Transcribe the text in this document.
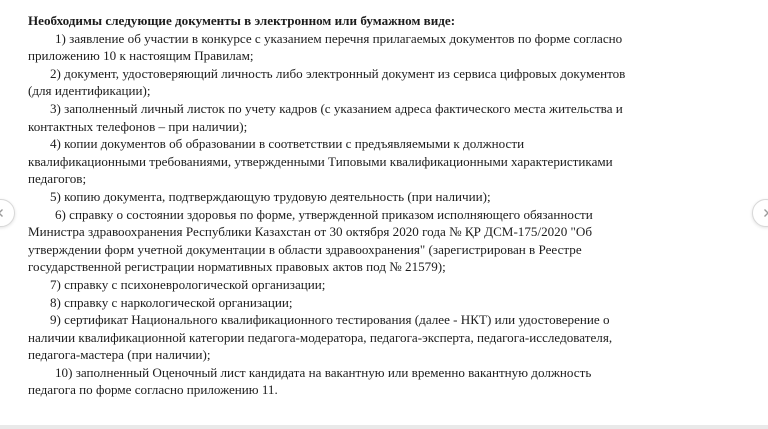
Необходимы следующие документы в электронном или бумажном виде:
1) заявление об участии в конкурсе с указанием перечня прилагаемых документов по форме согласно
приложению 10 к настоящим Правилам;
2) документ, удостоверяющий личность либо электронный документ из сервиса цифровых документов
(для идентификации);
3) заполненный личный листок по учету кадров (с указанием адреса фактического места жительства и
контактных телефонов – при наличии);
4) копии документов об образовании в соответствии с предъявляемыми к должности
квалификационными требованиями, утвержденными Типовыми квалификационными характеристиками
педагогов;
5) копию документа, подтверждающую трудовую деятельность (при наличии);
6) справку о состоянии здоровья по форме, утвержденной приказом исполняющего обязанности
Министра здравоохранения Республики Казахстан от 30 октября 2020 года № ҚР ДСМ-175/2020 "Об
утверждении форм учетной документации в области здравоохранения" (зарегистрирован в Реестре
государственной регистрации нормативных правовых актов под № 21579);
7) справку с психоневрологической организации;
8) справку с наркологической организации;
9) сертификат Национального квалификационного тестирования (далее - НКТ) или удостоверение о
наличии квалификационной категории педагога-модератора, педагога-эксперта, педагога-исследователя,
педагога-мастера (при наличии);
10) заполненный Оценочный лист кандидата на вакантную или временно вакантную должность
педагога по форме согласно приложению 11.
